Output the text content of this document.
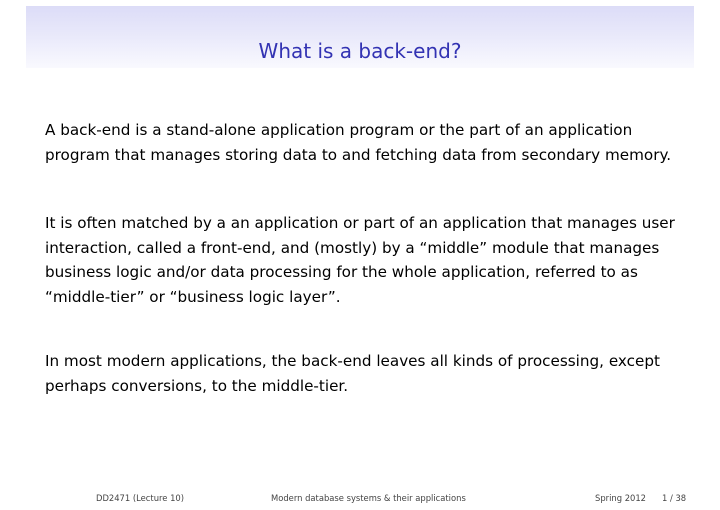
What is a back-end?

A back-end is a stand-alone application program or the part of an application program that manages storing data to and fetching data from secondary memory.

It is often matched by a an application or part of an application that manages user interaction, called a front-end, and (mostly) by a “middle” module that manages business logic and/or data processing for the whole application, referred to as “middle-tier” or “business logic layer”.

In most modern applications, the back-end leaves all kinds of processing, except perhaps conversions, to the middle-tier.

DD2471 (Lecture 10)	Modern database systems & their applications	Spring 2012 1 / 38
